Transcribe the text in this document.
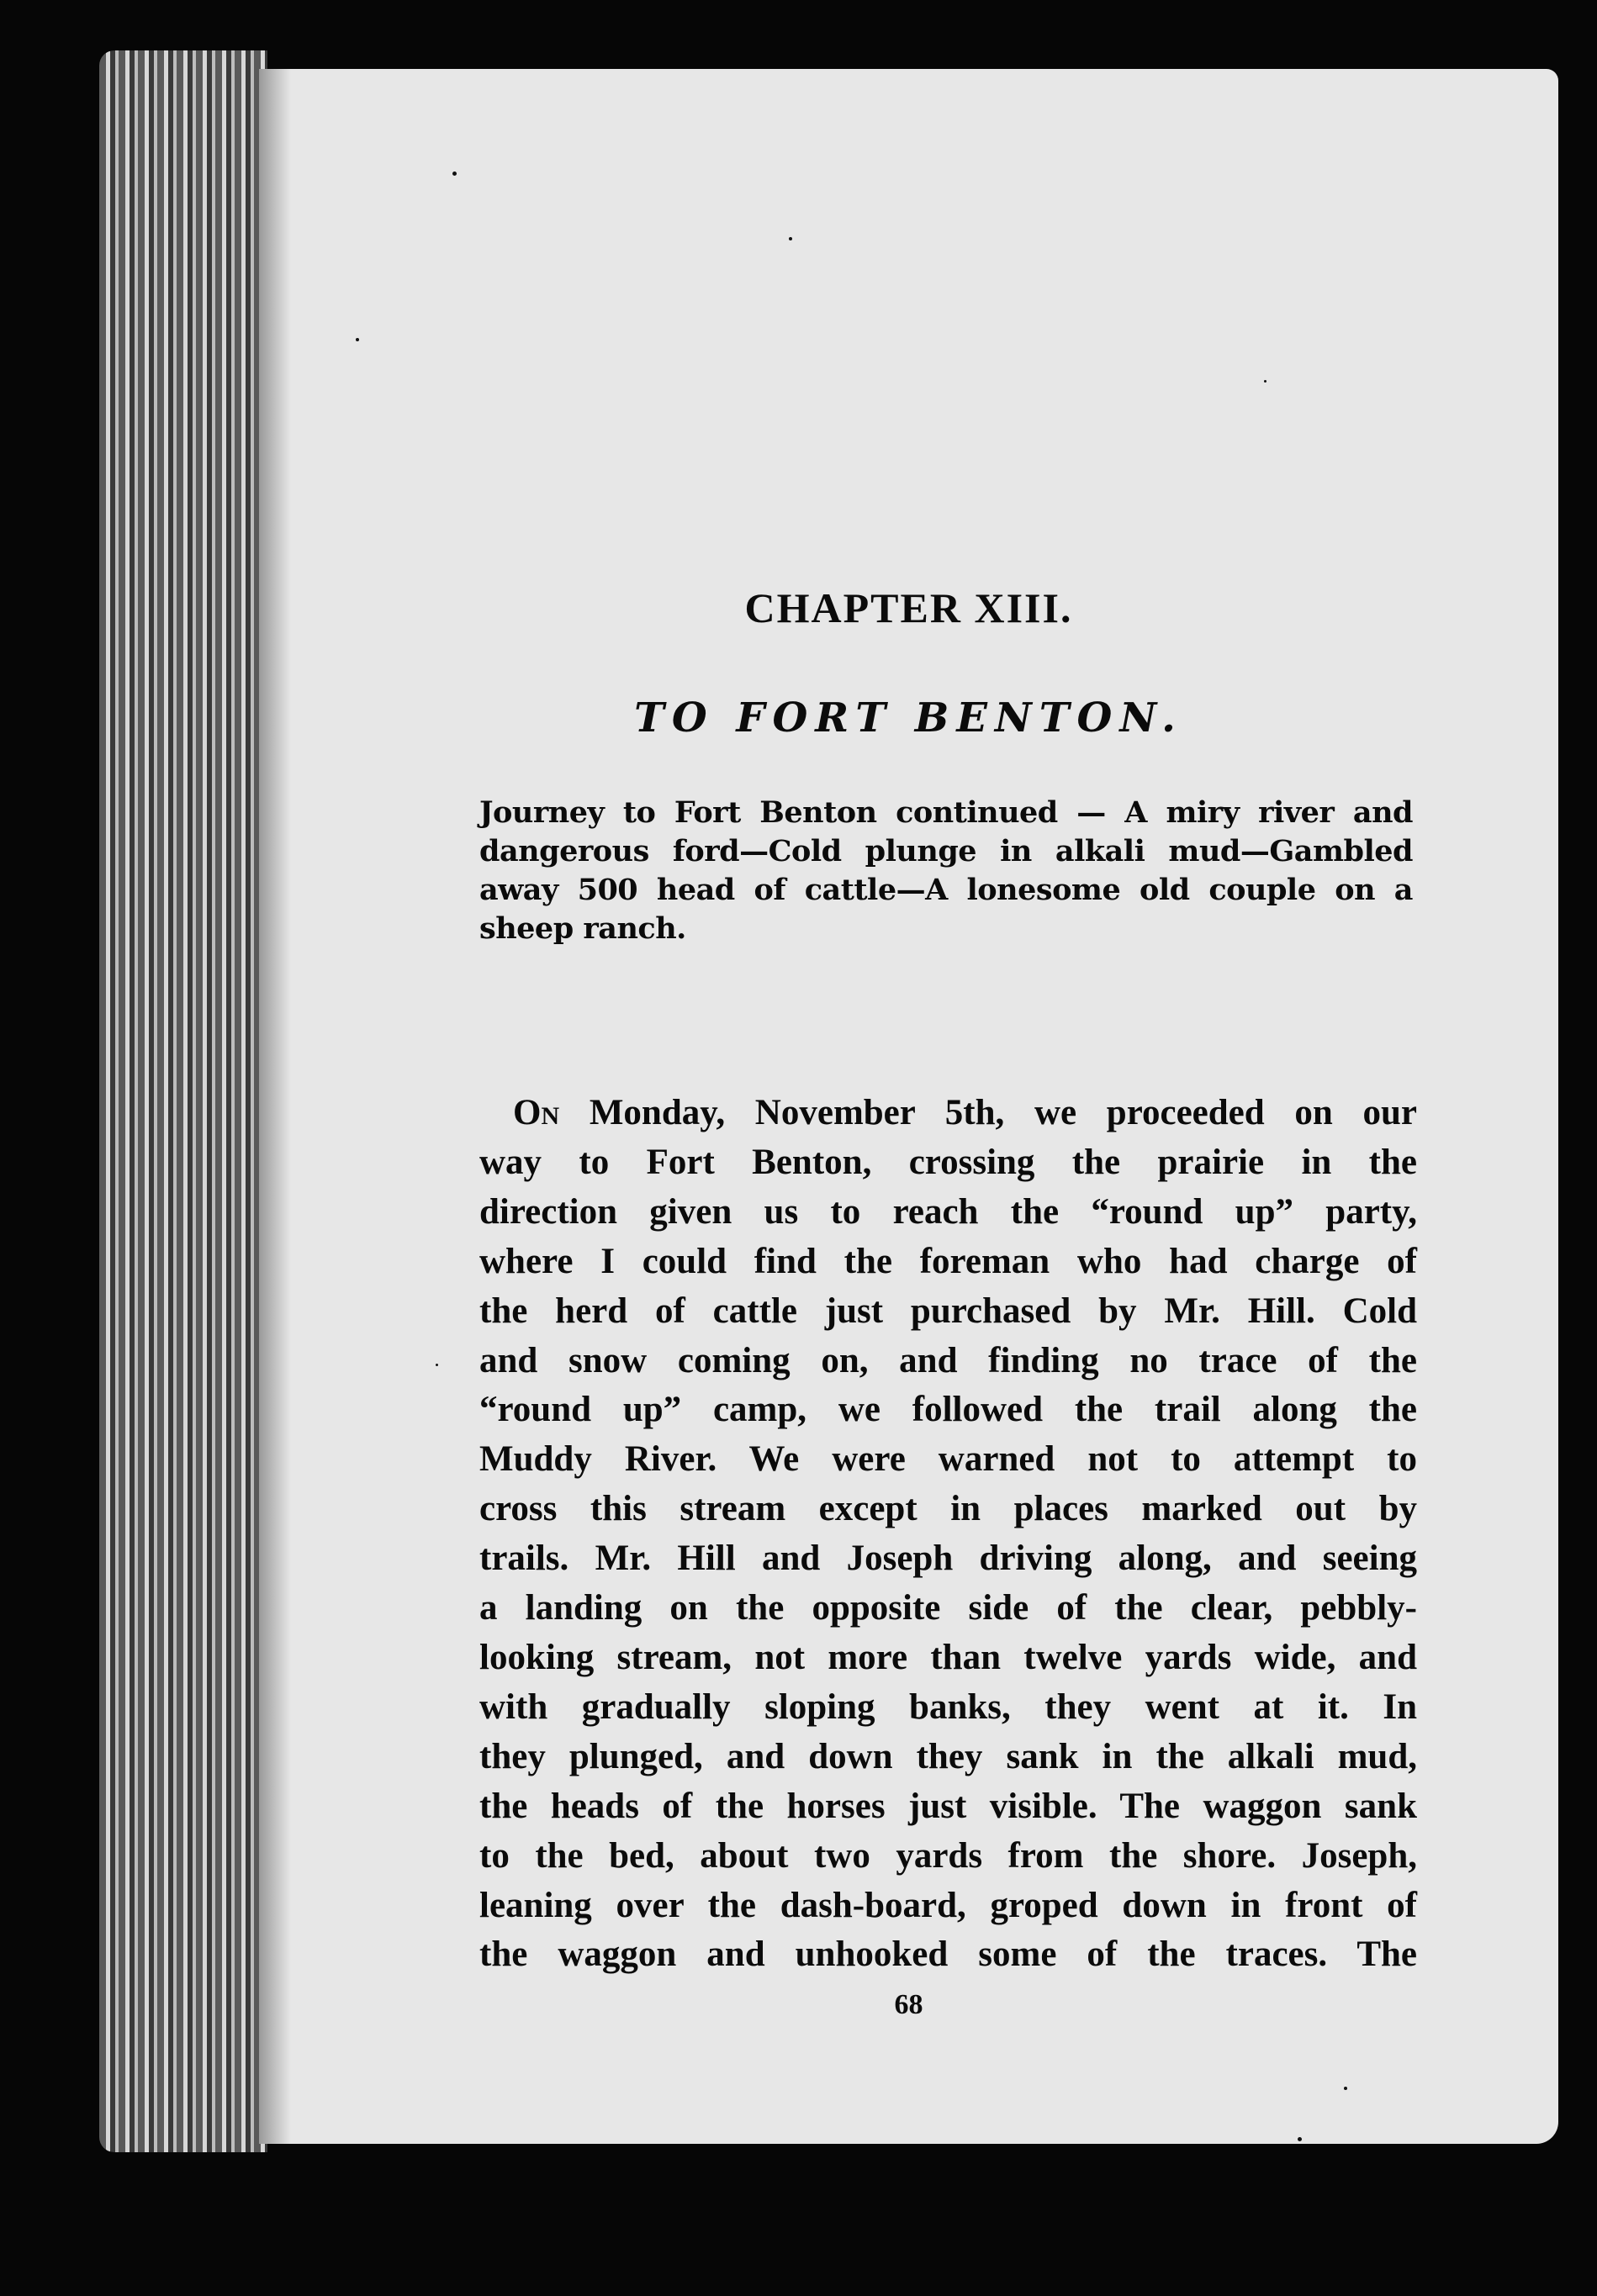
CHAPTER XIII.
TO FORT BENTON.
Journey to Fort Benton continued — A miry river and
dangerous ford—Cold plunge in alkali mud—Gambled
away 500 head of cattle—A lonesome old couple on a
sheep ranch.
On Monday, November 5th, we proceeded on our
way to Fort Benton, crossing the prairie in the
direction given us to reach the “round up” party,
where I could find the foreman who had charge of
the herd of cattle just purchased by Mr. Hill. Cold
and snow coming on, and finding no trace of the
“round up” camp, we followed the trail along the
Muddy River. We were warned not to attempt to
cross this stream except in places marked out by
trails. Mr. Hill and Joseph driving along, and seeing
a landing on the opposite side of the clear, pebbly-
looking stream, not more than twelve yards wide, and
with gradually sloping banks, they went at it. In
they plunged, and down they sank in the alkali mud,
the heads of the horses just visible. The waggon sank
to the bed, about two yards from the shore. Joseph,
leaning over the dash-board, groped down in front of
the waggon and unhooked some of the traces. The
68
